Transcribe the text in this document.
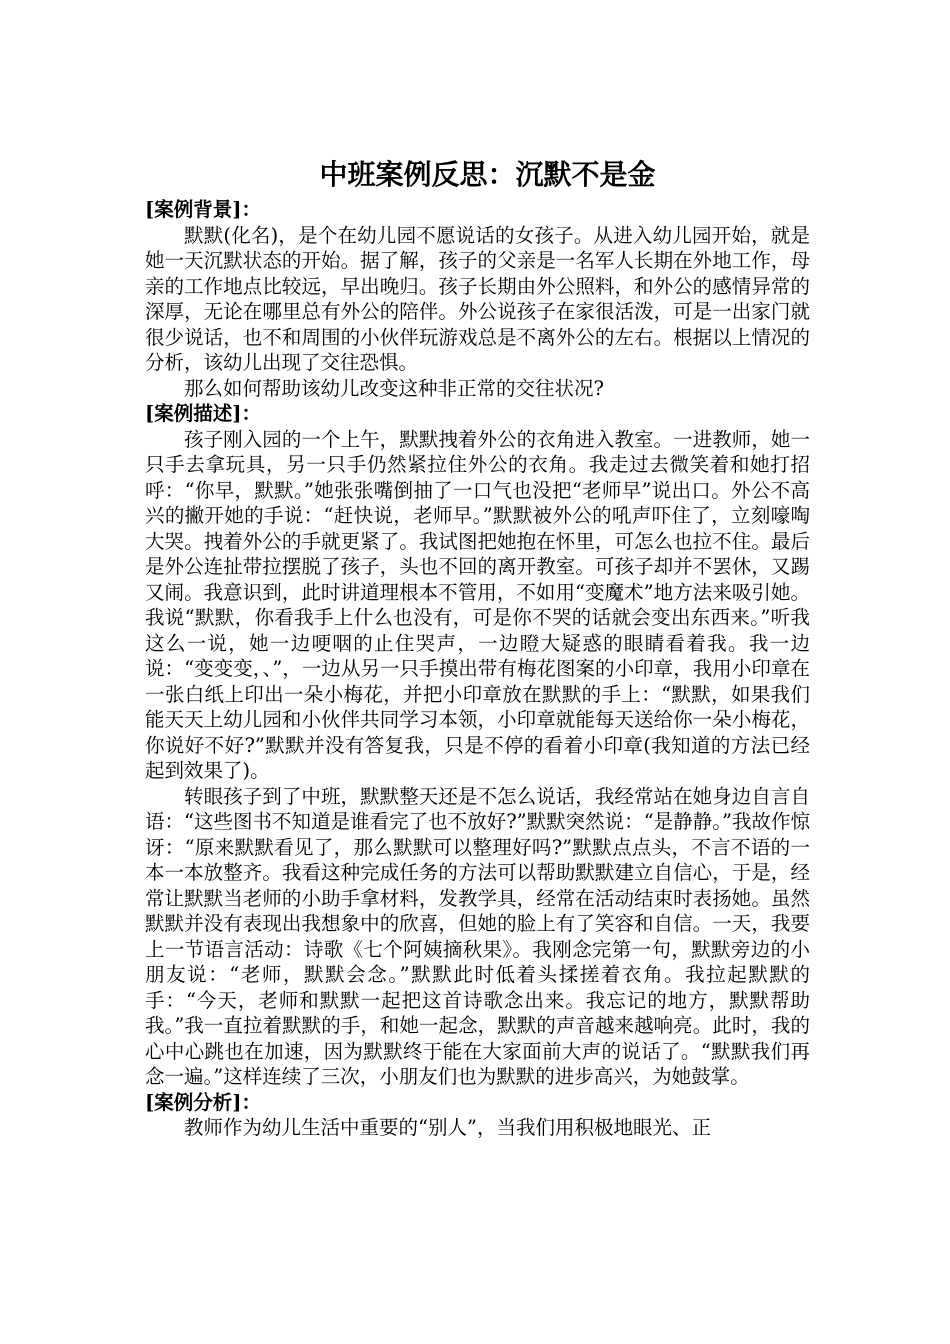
中班案例反思：沉默不是金
[案例背景]：

默默(化名)，是个在幼儿园不愿说话的女孩子。从进入幼儿园开始，就是她一天沉默状态的开始。据了解，孩子的父亲是一名军人长期在外地工作，母亲的工作地点比较远，早出晚归。孩子长期由外公照料，和外公的感情异常的深厚，无论在哪里总有外公的陪伴。外公说孩子在家很活泼，可是一出家门就很少说话，也不和周围的小伙伴玩游戏总是不离外公的左右。根据以上情况的分析，该幼儿出现了交往恐惧。

那么如何帮助该幼儿改变这种非正常的交往状况?

[案例描述]：

孩子刚入园的一个上午，默默拽着外公的衣角进入教室。一进教师，她一只手去拿玩具，另一只手仍然紧拉住外公的衣角。我走过去微笑着和她打招呼：“你早，默默。”她张张嘴倒抽了一口气也没把“老师早”说出口。外公不高兴的撇开她的手说：“赶快说，老师早。”默默被外公的吼声吓住了，立刻嚎啕大哭。拽着外公的手就更紧了。我试图把她抱在怀里，可怎么也拉不住。最后是外公连扯带拉摆脱了孩子，头也不回的离开教室。可孩子却并不罢休，又踢又闹。我意识到，此时讲道理根本不管用，不如用“变魔术”地方法来吸引她。我说“默默，你看我手上什么也没有，可是你不哭的话就会变出东西来。”听我这么一说，她一边哽咽的止住哭声，一边瞪大疑惑的眼睛看着我。我一边说：“变变变，、”，一边从另一只手摸出带有梅花图案的小印章，我用小印章在一张白纸上印出一朵小梅花，并把小印章放在默默的手上：“默默，如果我们能天天上幼儿园和小伙伴共同学习本领，小印章就能每天送给你一朵小梅花，你说好不好?”默默并没有答复我，只是不停的看着小印章(我知道的方法已经起到效果了)。

转眼孩子到了中班，默默整天还是不怎么说话，我经常站在她身边自言自语：“这些图书不知道是谁看完了也不放好?”默默突然说：“是静静。”我故作惊讶：“原来默默看见了，那么默默可以整理好吗?”默默点点头，不言不语的一本一本放整齐。我看这种完成任务的方法可以帮助默默建立自信心，于是，经常让默默当老师的小助手拿材料，发教学具，经常在活动结束时表扬她。虽然默默并没有表现出我想象中的欣喜，但她的脸上有了笑容和自信。一天，我要上一节语言活动：诗歌《七个阿姨摘秋果》。我刚念完第一句，默默旁边的小朋友说：“老师，默默会念。”默默此时低着头揉搓着衣角。我拉起默默的手：“今天，老师和默默一起把这首诗歌念出来。我忘记的地方，默默帮助我。”我一直拉着默默的手，和她一起念，默默的声音越来越响亮。此时，我的心中心跳也在加速，因为默默终于能在大家面前大声的说话了。“默默我们再念一遍。”这样连续了三次，小朋友们也为默默的进步高兴，为她鼓掌。

[案例分析]：

教师作为幼儿生活中重要的“别人”，当我们用积极地眼光、正
